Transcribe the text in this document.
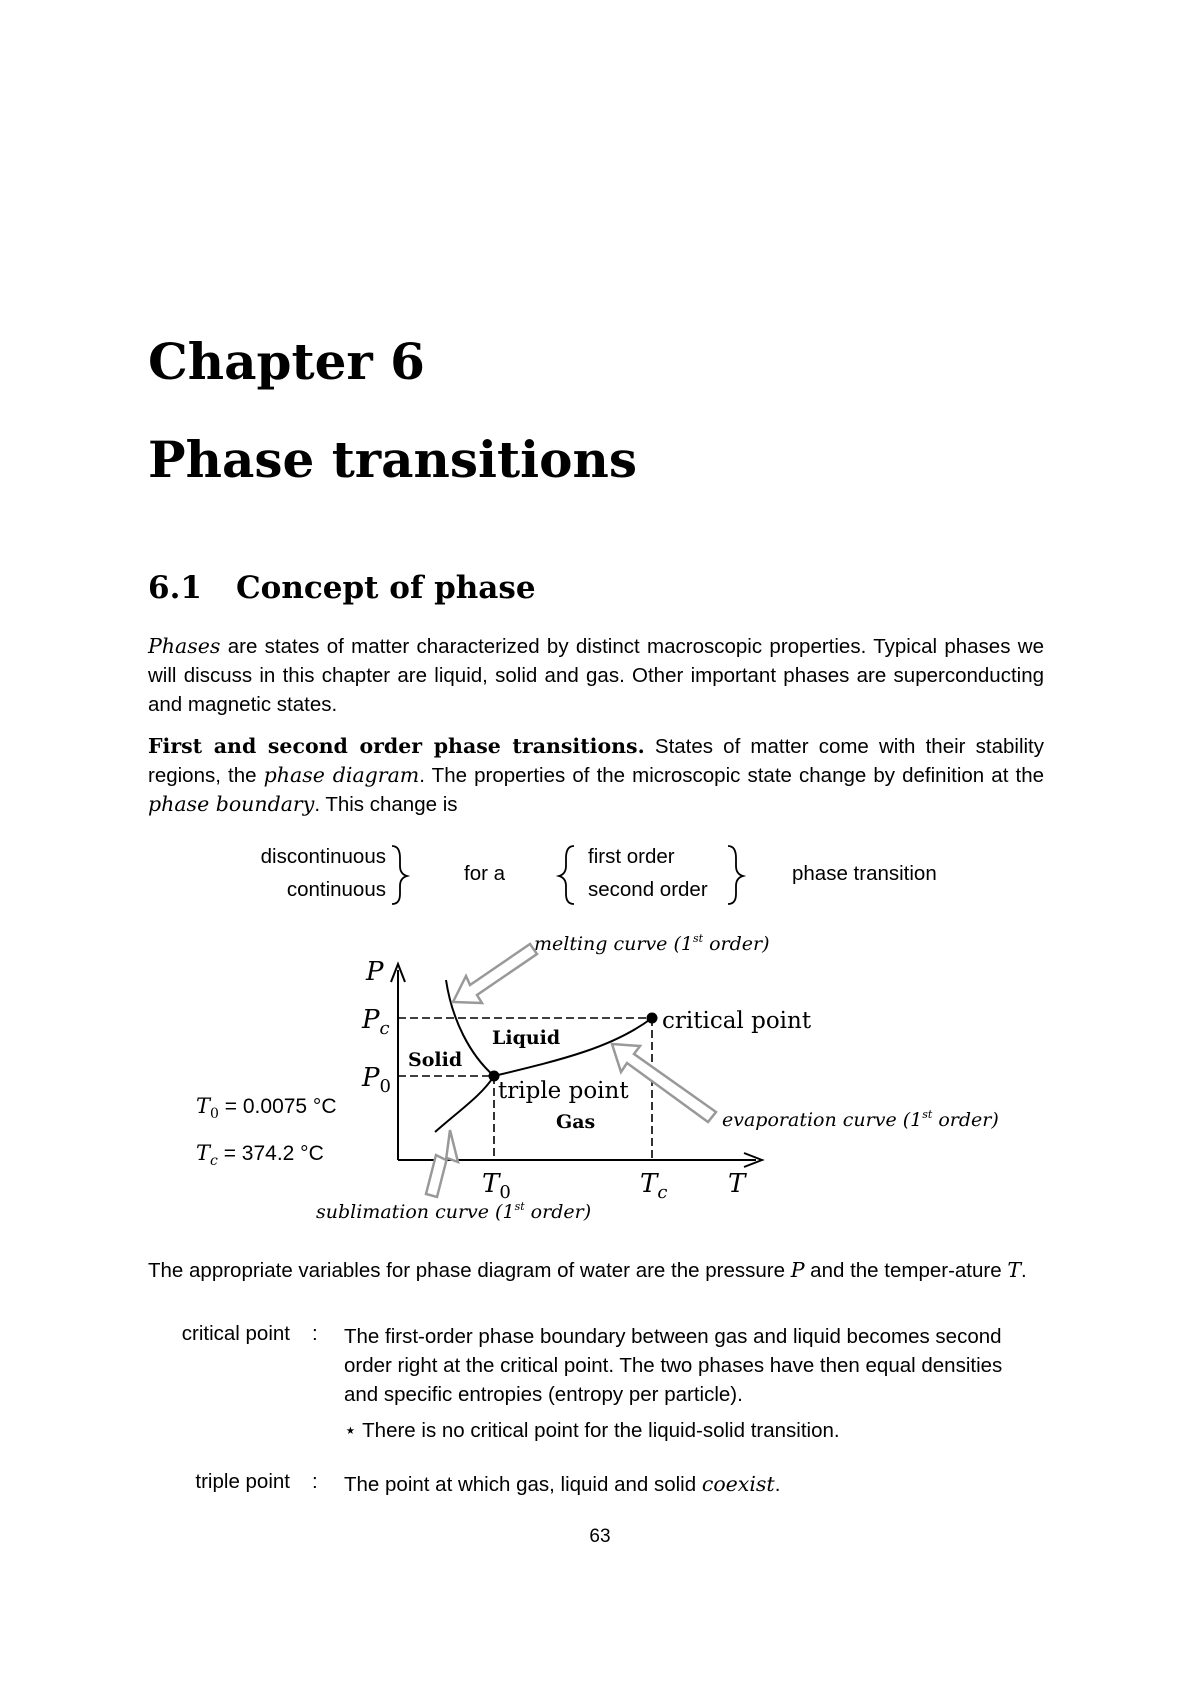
Chapter 6
Phase transitions
6.1 Concept of phase
Phases are states of matter characterized by distinct macroscopic properties. Typical phases we will discuss in this chapter are liquid, solid and gas. Other important phases are superconducting and magnetic states.
First and second order phase transitions. States of matter come with their stability regions, the phase diagram. The properties of the microscopic state change by definition at the phase boundary. This change is
discontinuous
continuous
for a
first order
second order
phase transition
P
T
$P_c$
$P_0$
$T_0$	$T_c$
Solid
Liquid
Gas
critical point
triple point
melting curve (1st order)
evaporation curve (1st order)
sublimation curve (1st order)
$T_0 = 0.0075$ °C
$T_c = 374.2$ °C
The appropriate variables for phase diagram of water are the pressure P and the temper-ature T.
critical point : The first-order phase boundary between gas and liquid becomes second order right at the critical point. The two phases have then equal densities and specific entropies (entropy per particle).
⋆ There is no critical point for the liquid-solid transition.
triple point : The point at which gas, liquid and solid coexist.
63
